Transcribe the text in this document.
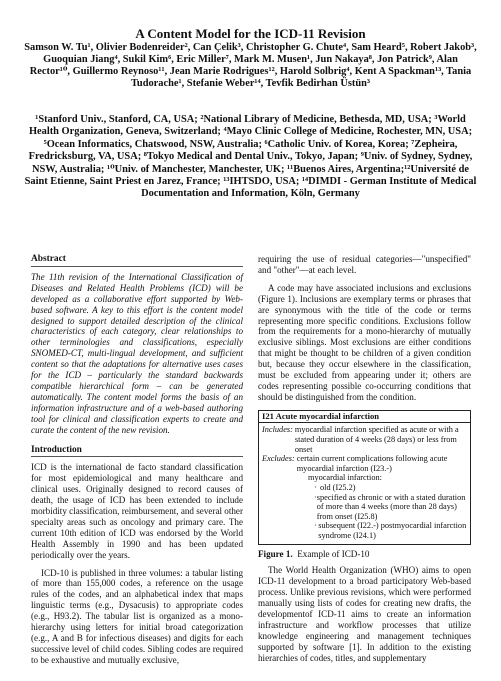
A Content Model for the ICD-11 Revision
Samson W. Tu¹, Olivier Bodenreider², Can Çelik³, Christopher G. Chute⁴, Sam Heard⁵, Robert Jakob³, Guoquian Jiang⁴, Sukil Kim⁶, Eric Miller⁷, Mark M. Musen¹, Jun Nakaya⁸, Jon Patrick⁹, Alan Rector¹⁰, Guillermo Reynoso¹¹, Jean Marie Rodrigues¹², Harold Solbrig⁴, Kent A Spackman¹³, Tania Tudorache¹, Stefanie Weber¹⁴, Tevfik Bedirhan Üstün³
¹Stanford Univ., Stanford, CA, USA; ²National Library of Medicine, Bethesda, MD, USA; ³World Health Organization, Geneva, Switzerland; ⁴Mayo Clinic College of Medicine, Rochester, MN, USA; ⁵Ocean Informatics, Chatswood, NSW, Australia; ⁶Catholic Univ. of Korea, Korea; ⁷Zepheira, Fredricksburg, VA, USA; ⁸Tokyo Medical and Dental Univ., Tokyo, Japan; ⁹Univ. of Sydney, Sydney, NSW, Australia; ¹⁰Univ. of Manchester, Manchester, UK; ¹¹Buenos Aires, Argentina;¹²Université de Saint Etienne, Saint Priest en Jarez, France; ¹³IHTSDO, USA; ¹⁴DIMDI - German Institute of Medical Documentation and Information, Köln, Germany
Abstract
The 11th revision of the International Classification of Diseases and Related Health Problems (ICD) will be developed as a collaborative effort supported by Web-based software. A key to this effort is the content model designed to support detailed description of the clinical characteristics of each category, clear relationships to other terminologies and classifications, especially SNOMED-CT, multi-lingual development, and sufficient content so that the adaptations for alternative uses cases for the ICD – particularly the standard backwards compatible hierarchical form – can be generated automatically. The content model forms the basis of an information infrastructure and of a web-based authoring tool for clinical and classification experts to create and curate the content of the new revision.
Introduction

ICD is the international de facto standard classification for most epidemiological and many healthcare and clinical uses. Originally designed to record causes of death, the usage of ICD has been extended to include morbidity classification, reimbursement, and several other specialty areas such as oncology and primary care. The current 10th edition of ICD was endorsed by the World Health Assembly in 1990 and has been updated periodically over the years.

ICD-10 is published in three volumes: a tabular listing of more than 155,000 codes, a reference on the usage rules of the codes, and an alphabetical index that maps linguistic terms (e.g., Dysacusis) to appropriate codes (e.g., H93.2). The tabular list is organized as a mono-hierarchy using letters for initial broad categorization (e.g., A and B for infectious diseases) and digits for each successive level of child codes. Sibling codes are required to be exhaustive and mutually exclusive,

requiring the use of residual categories—"unspecified" and "other"—at each level.

A code may have associated inclusions and exclusions (Figure 1). Inclusions are exemplary terms or phrases that are synonymous with the title of the code or terms representing more specific conditions. Exclusions follow from the requirements for a mono-hierarchy of mutually exclusive siblings. Most exclusions are either conditions that might be thought to be children of a given condition but, because they occur elsewhere in the classification, must be excluded from appearing under it; others are codes representing possible co-occurring conditions that should be distinguished from the condition.

I21 Acute myocardial infarction
Includes: myocardial infarction specified as acute or with a stated duration of 4 weeks (28 days) or less from onset
Excludes: certain current complications following acute myocardial infarction (I23.-)
myocardial infarction:
· old (I25.2)
· specified as chronic or with a stated duration of more than 4 weeks (more than 28 days) from onset (I25.8)
· subsequent (I22.-) postmyocardial infarction syndrome (I24.1)
Figure 1. Example of ICD-10

The World Health Organization (WHO) aims to open ICD-11 development to a broad participatory Web-based process. Unlike previous revisions, which were performed manually using lists of codes for creating new drafts, the developmentof ICD-11 aims to create an information infrastructure and workflow processes that utilize knowledge engineering and management techniques supported by software [1]. In addition to the existing hierarchies of codes, titles, and supplementary
